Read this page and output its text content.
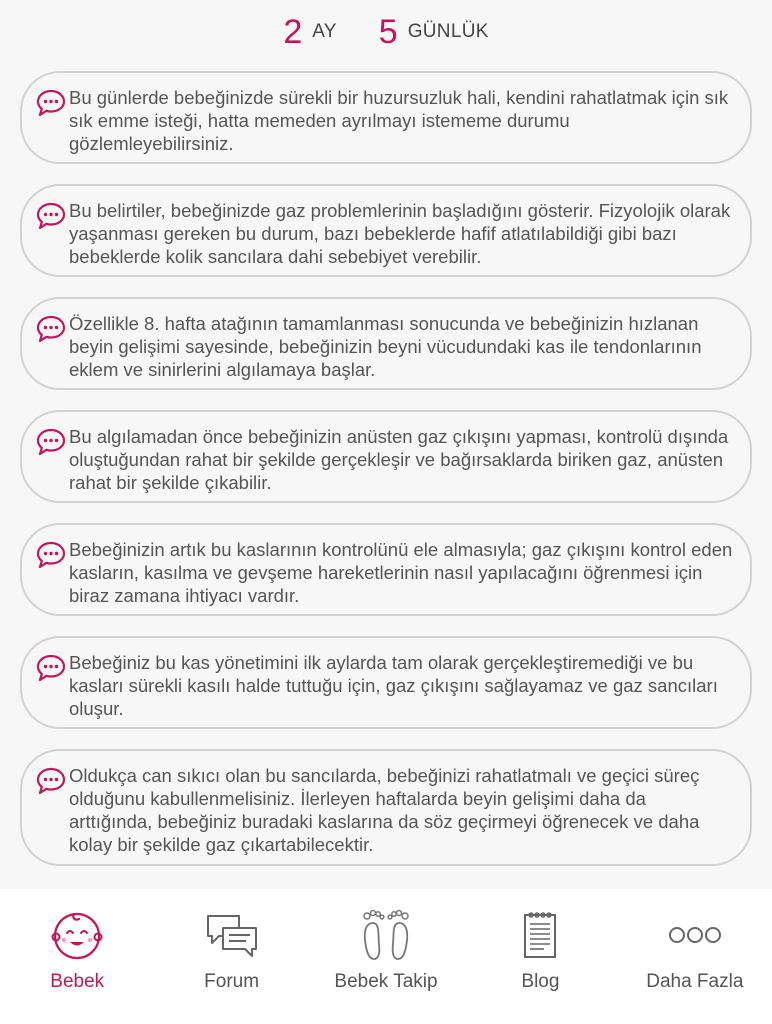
2 AY 5 GÜNLÜK
Bu günlerde bebeğinizde sürekli bir huzursuzluk hali, kendini rahatlatmak için sık sık emme isteği, hatta memeden ayrılmayı istememe durumu gözlemleyebilirsiniz.
Bu belirtiler, bebeğinizde gaz problemlerinin başladığını gösterir. Fizyolojik olarak yaşanması gereken bu durum, bazı bebeklerde hafif atlatılabildiği gibi bazı bebeklerde kolik sancılara dahi sebebiyet verebilir.
Özellikle 8. hafta atağının tamamlanması sonucunda ve bebeğinizin hızlanan beyin gelişimi sayesinde, bebeğinizin beyni vücudundaki kas ile tendonlarının eklem ve sinirlerini algılamaya başlar.
Bu algılamadan önce bebeğinizin anüsten gaz çıkışını yapması, kontrolü dışında oluştuğundan rahat bir şekilde gerçekleşir ve bağırsaklarda biriken gaz, anüsten rahat bir şekilde çıkabilir.
Bebeğinizin artık bu kaslarının kontrolünü ele almasıyla; gaz çıkışını kontrol eden kasların, kasılma ve gevşeme hareketlerinin nasıl yapılacağını öğrenmesi için biraz zamana ihtiyacı vardır.
Bebeğiniz bu kas yönetimini ilk aylarda tam olarak gerçekleştiremediği ve bu kasları sürekli kasılı halde tuttuğu için, gaz çıkışını sağlayamaz ve gaz sancıları oluşur.
Oldukça can sıkıcı olan bu sancılarda, bebeğinizi rahatlatmalı ve geçici süreç olduğunu kabullenmelisiniz. İlerleyen haftalarda beyin gelişimi daha da arttığında, bebeğiniz buradaki kaslarına da söz geçirmeyi öğrenecek ve daha kolay bir şekilde gaz çıkartabilecektir.
Bebek	Forum	Bebek Takip	Blog	Daha Fazla
